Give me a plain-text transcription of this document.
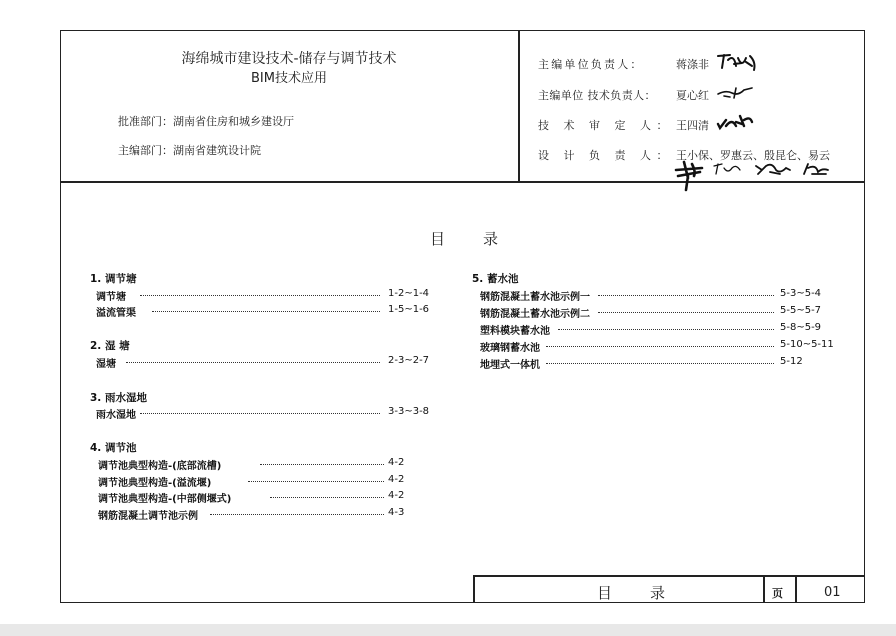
海绵城市建设技术-储存与调节技术
BIM技术应用
批准部门：湖南省住房和城乡建设厅
主编部门：湖南省建筑设计院
主编单位负责人：	蒋涤非
主编单位 技术负责人： 夏心红
技 术 审 定 人： 王四清
设 计 负 责 人： 王小保、罗惠云、殷昆仑、易云
目录
1. 调节塘
调节塘	1-2~1-4
溢流管渠	1-5~1-6
2. 湿 塘
湿塘	2-3~2-7
3. 雨水湿地
雨水湿地	3-3~3-8
4. 调节池
调节池典型构造-(底部流槽)	4-2
调节池典型构造-(溢流堰)	4-2
调节池典型构造-(中部侧堰式)	4-2
钢筋混凝土调节池示例	4-3
5. 蓄水池
钢筋混凝土蓄水池示例一	5-3~5-4
钢筋混凝土蓄水池示例二	5-5~5-7
塑料模块蓄水池	5-8~5-9
玻璃钢蓄水池	5-10~5-11
地埋式一体机	5-12
目录	页	01
